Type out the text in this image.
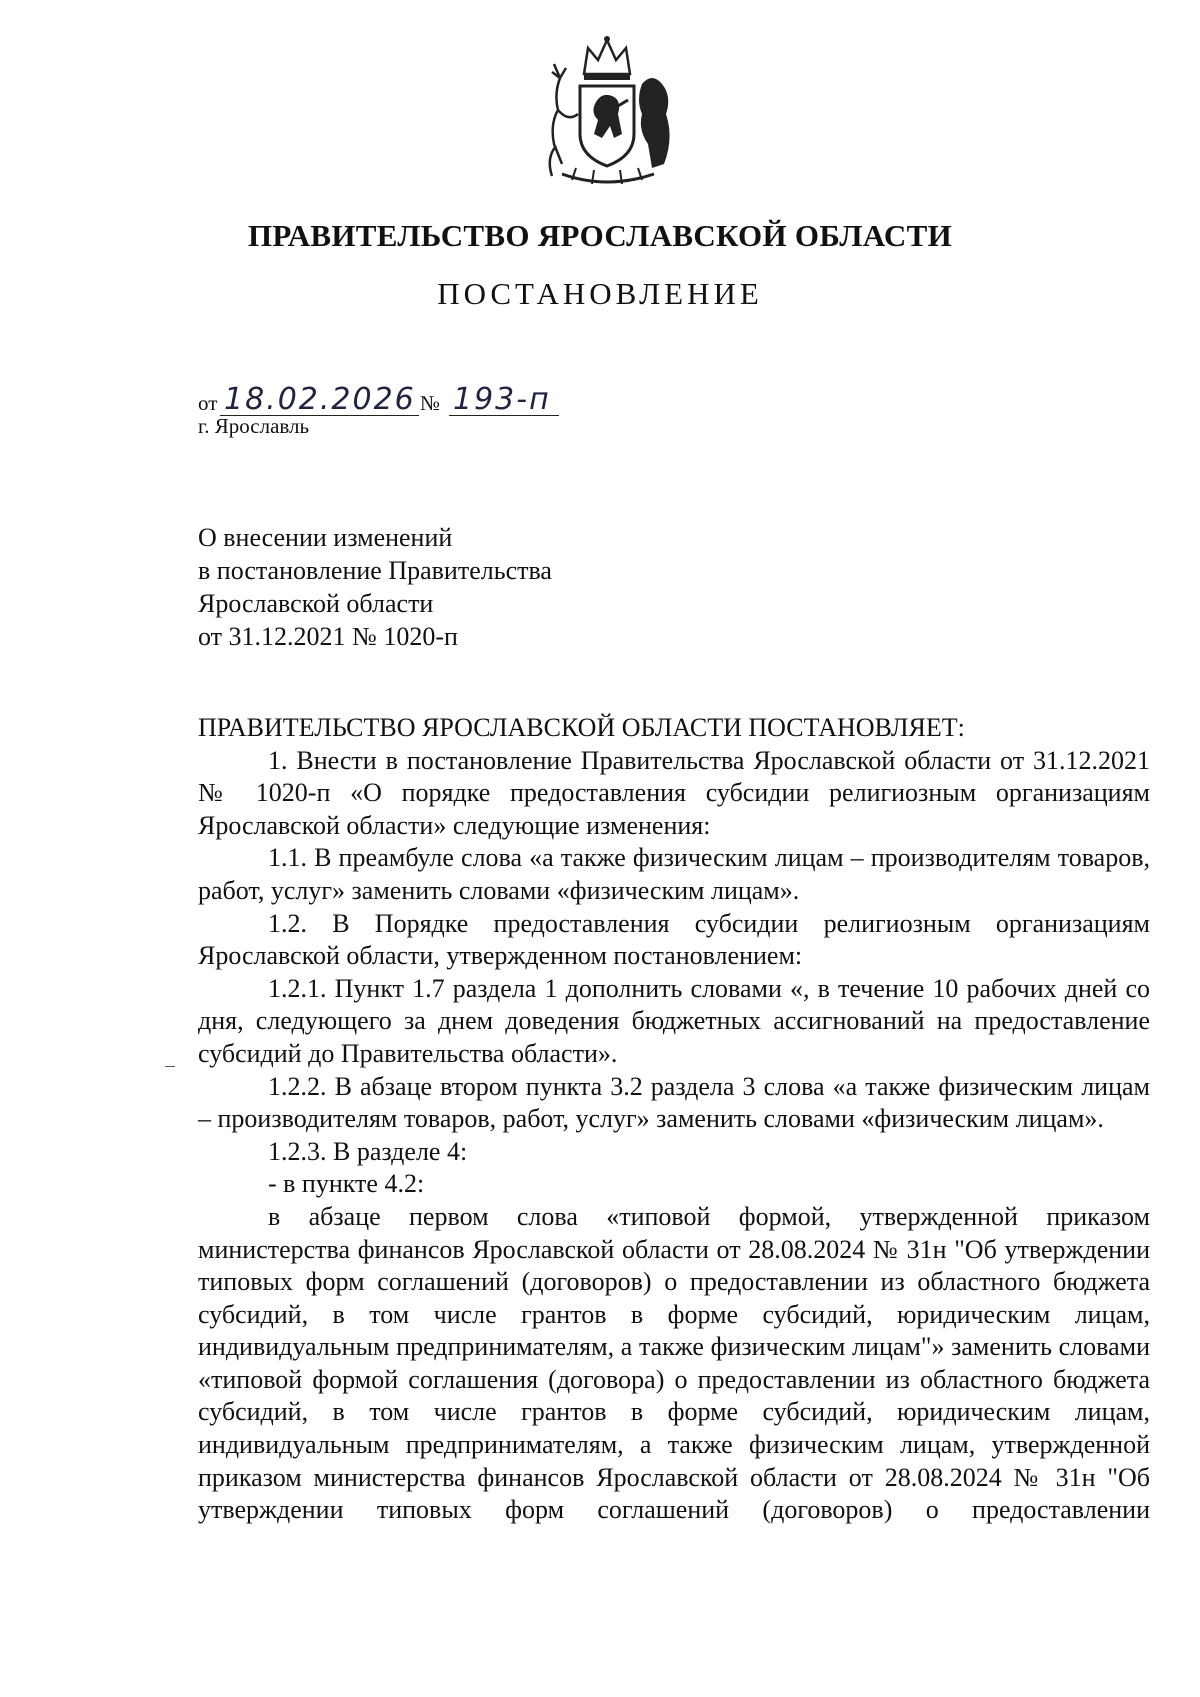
ПРАВИТЕЛЬСТВО ЯРОСЛАВСКОЙ ОБЛАСТИ
ПОСТАНОВЛЕНИЕ
от 18.02.2026 № 193-п
г. Ярославль
О внесении изменений
в постановление Правительства
Ярославской области
от 31.12.2021 № 1020-п

ПРАВИТЕЛЬСТВО ЯРОСЛАВСКОЙ ОБЛАСТИ ПОСТАНОВЛЯЕТ:

1. Внести в постановление Правительства Ярославской области от 31.12.2021 № 1020-п «О порядке предоставления субсидии религиозным организациям Ярославской области» следующие изменения:

1.1. В преамбуле слова «а также физическим лицам – производителям товаров, работ, услуг» заменить словами «физическим лицам».

1.2. В Порядке предоставления субсидии религиозным организациям Ярославской области, утвержденном постановлением:

1.2.1. Пункт 1.7 раздела 1 дополнить словами «, в течение 10 рабочих дней со дня, следующего за днем доведения бюджетных ассигнований на предоставление субсидий до Правительства области».

1.2.2. В абзаце втором пункта 3.2 раздела 3 слова «а также физическим лицам – производителям товаров, работ, услуг» заменить словами «физическим лицам».

1.2.3. В разделе 4:

- в пункте 4.2:

в абзаце первом слова «типовой формой, утвержденной приказом министерства финансов Ярославской области от 28.08.2024 № 31н "Об утверждении типовых форм соглашений (договоров) о предоставлении из областного бюджета субсидий, в том числе грантов в форме субсидий, юридическим лицам, индивидуальным предпринимателям, а также физическим лицам"» заменить словами «типовой формой соглашения (договора) о предоставлении из областного бюджета субсидий, в том числе грантов в форме субсидий, юридическим лицам, индивидуальным предпринимателям, а также физическим лицам, утвержденной приказом министерства финансов Ярославской области от 28.08.2024 № 31н "Об утверждении типовых форм соглашений (договоров) о предоставлении
